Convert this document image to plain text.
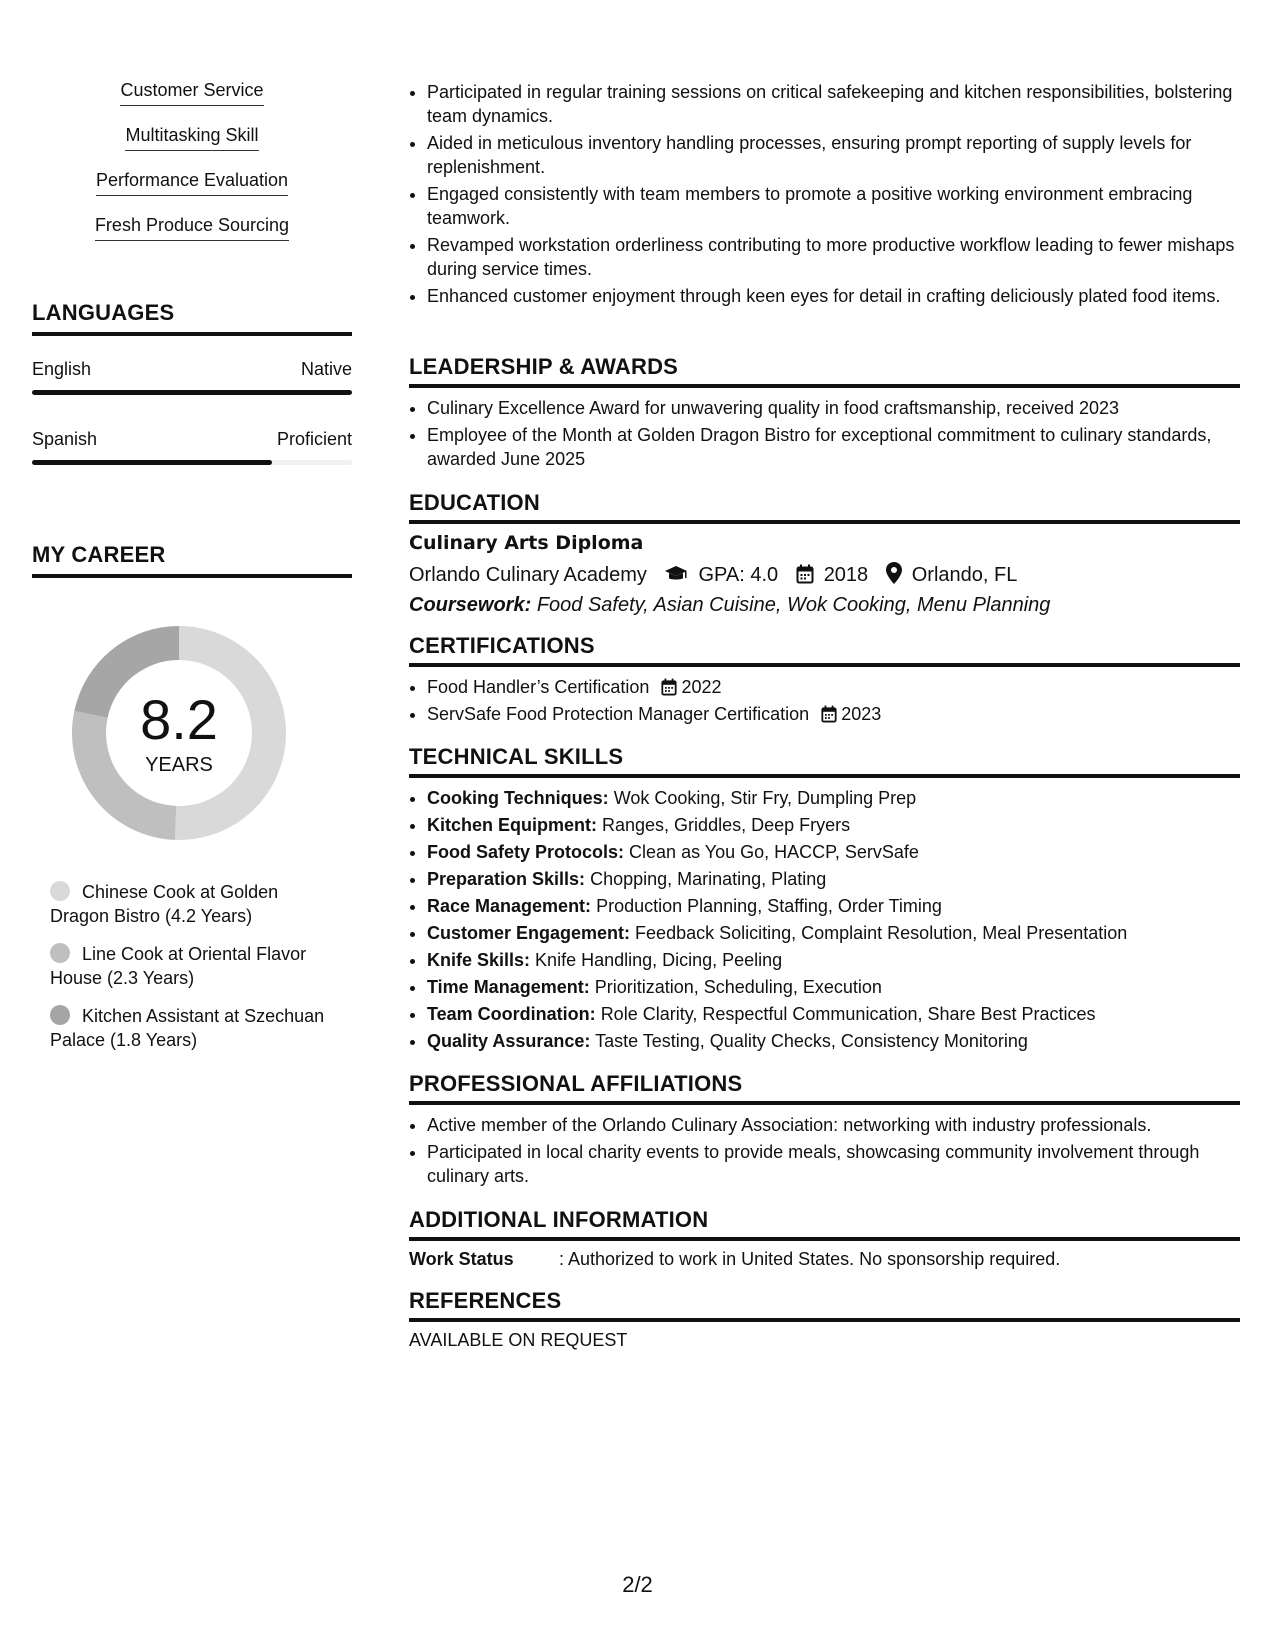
Customer Service
Multitasking Skill
Performance Evaluation
Fresh Produce Sourcing
LANGUAGES
English	Native
Spanish	Proficient
MY CAREER
8.2
YEARS
Chinese Cook at Golden Dragon Bistro (4.2 Years)
Line Cook at Oriental Flavor House (2.3 Years)
Kitchen Assistant at Szechuan Palace (1.8 Years)
• Participated in regular training sessions on critical safekeeping and kitchen responsibilities, bolstering team dynamics.
• Aided in meticulous inventory handling processes, ensuring prompt reporting of supply levels for replenishment.
• Engaged consistently with team members to promote a positive working environment embracing teamwork.
• Revamped workstation orderliness contributing to more productive workflow leading to fewer mishaps during service times.
• Enhanced customer enjoyment through keen eyes for detail in crafting deliciously plated food items.
LEADERSHIP & AWARDS
• Culinary Excellence Award for unwavering quality in food craftsmanship, received 2023
• Employee of the Month at Golden Dragon Bistro for exceptional commitment to culinary standards, awarded June 2025
EDUCATION
Culinary Arts Diploma
Orlando Culinary Academy	GPA: 4.0 2018 Orlando, FL
Coursework: Food Safety, Asian Cuisine, Wok Cooking, Menu Planning
CERTIFICATIONS
• Food Handler’s Certification 2022
• ServSafe Food Protection Manager Certification 2023
TECHNICAL SKILLS
• Cooking Techniques: Wok Cooking, Stir Fry, Dumpling Prep
• Kitchen Equipment: Ranges, Griddles, Deep Fryers
• Food Safety Protocols: Clean as You Go, HACCP, ServSafe
• Preparation Skills: Chopping, Marinating, Plating
• Race Management: Production Planning, Staffing, Order Timing
• Customer Engagement: Feedback Soliciting, Complaint Resolution, Meal Presentation
• Knife Skills: Knife Handling, Dicing, Peeling
• Time Management: Prioritization, Scheduling, Execution
• Team Coordination: Role Clarity, Respectful Communication, Share Best Practices
• Quality Assurance: Taste Testing, Quality Checks, Consistency Monitoring
PROFESSIONAL AFFILIATIONS
• Active member of the Orlando Culinary Association: networking with industry professionals.
• Participated in local charity events to provide meals, showcasing community involvement through culinary arts.
ADDITIONAL INFORMATION
Work Status	: Authorized to work in United States. No sponsorship required.
REFERENCES
AVAILABLE ON REQUEST
2/2
